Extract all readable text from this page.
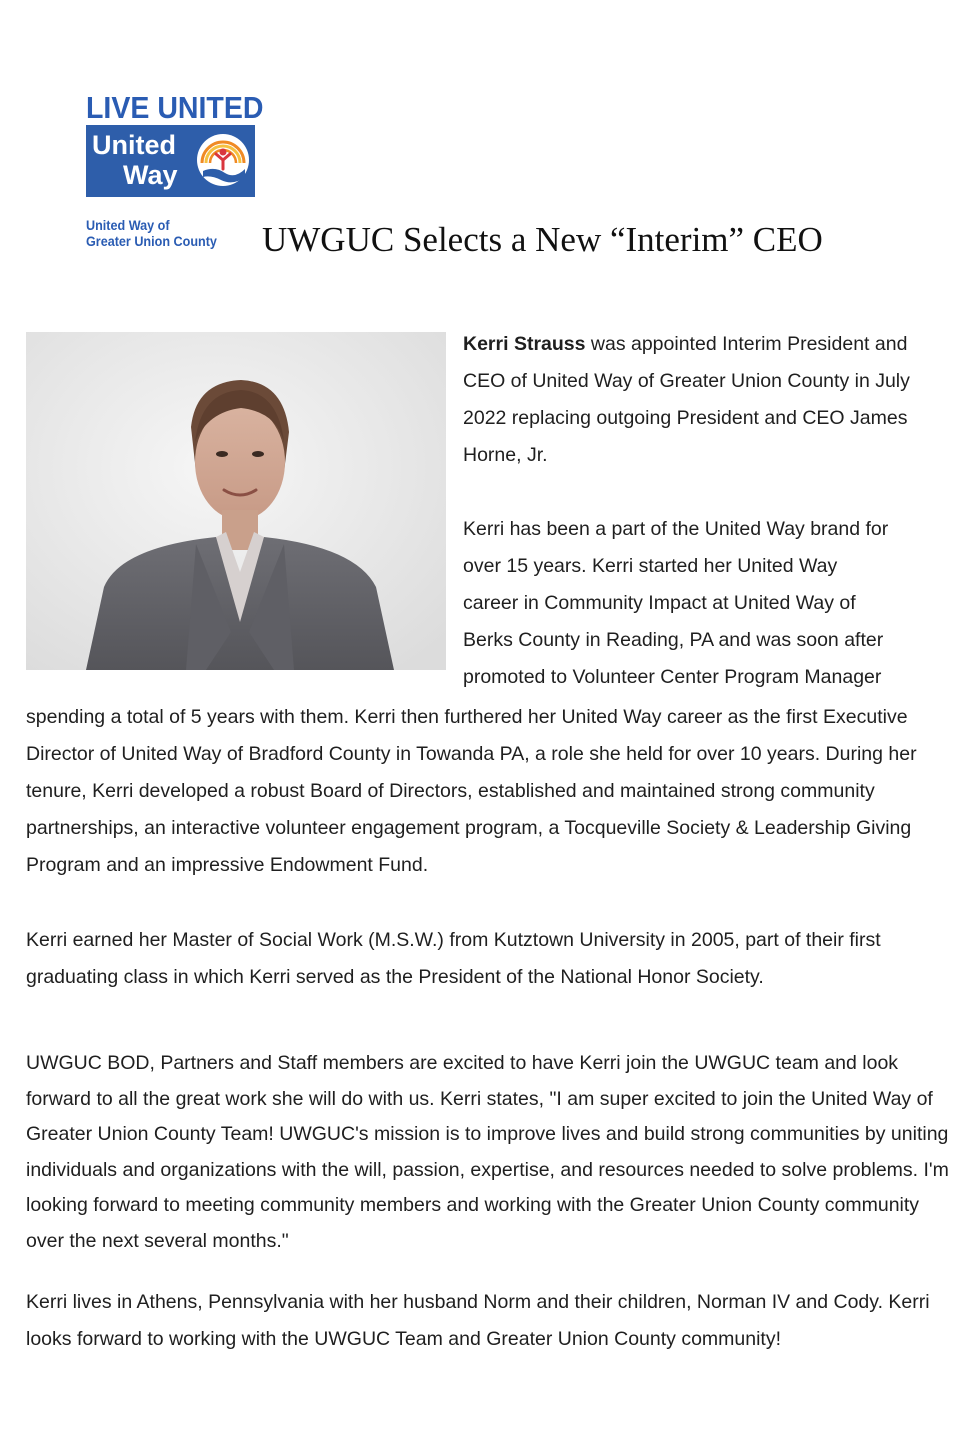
LIVE UNITED
United
Way
United Way of
Greater Union County UWGUC Selects a New “Interim” CEO

Kerri Strauss was appointed Interim President and CEO of United Way of Greater Union County in July 2022 replacing outgoing President and CEO James Horne, Jr.

Kerri has been a part of the United Way brand for
over 15 years. Kerri started her United Way
career in Community Impact at United Way of
Berks County in Reading, PA and was soon after
promoted to Volunteer Center Program Manager

spending a total of 5 years with them. Kerri then furthered her United Way career as the first Executive Director of United Way of Bradford County in Towanda PA, a role she held for over 10 years. During her tenure, Kerri developed a robust Board of Directors, established and maintained strong community partnerships, an interactive volunteer engagement program, a Tocqueville Society & Leadership Giving Program and an impressive Endowment Fund.

Kerri earned her Master of Social Work (M.S.W.) from Kutztown University in 2005, part of their first graduating class in which Kerri served as the President of the National Honor Society.

UWGUC BOD, Partners and Staff members are excited to have Kerri join the UWGUC team and look forward to all the great work she will do with us. Kerri states, "I am super excited to join the United Way of Greater Union County Team! UWGUC's mission is to improve lives and build strong communities by uniting individuals and organizations with the will, passion, expertise, and resources needed to solve problems. I'm looking forward to meeting community members and working with the Greater Union County community over the next several months."

Kerri lives in Athens, Pennsylvania with her husband Norm and their children, Norman IV and Cody. Kerri looks forward to working with the UWGUC Team and Greater Union County community!
